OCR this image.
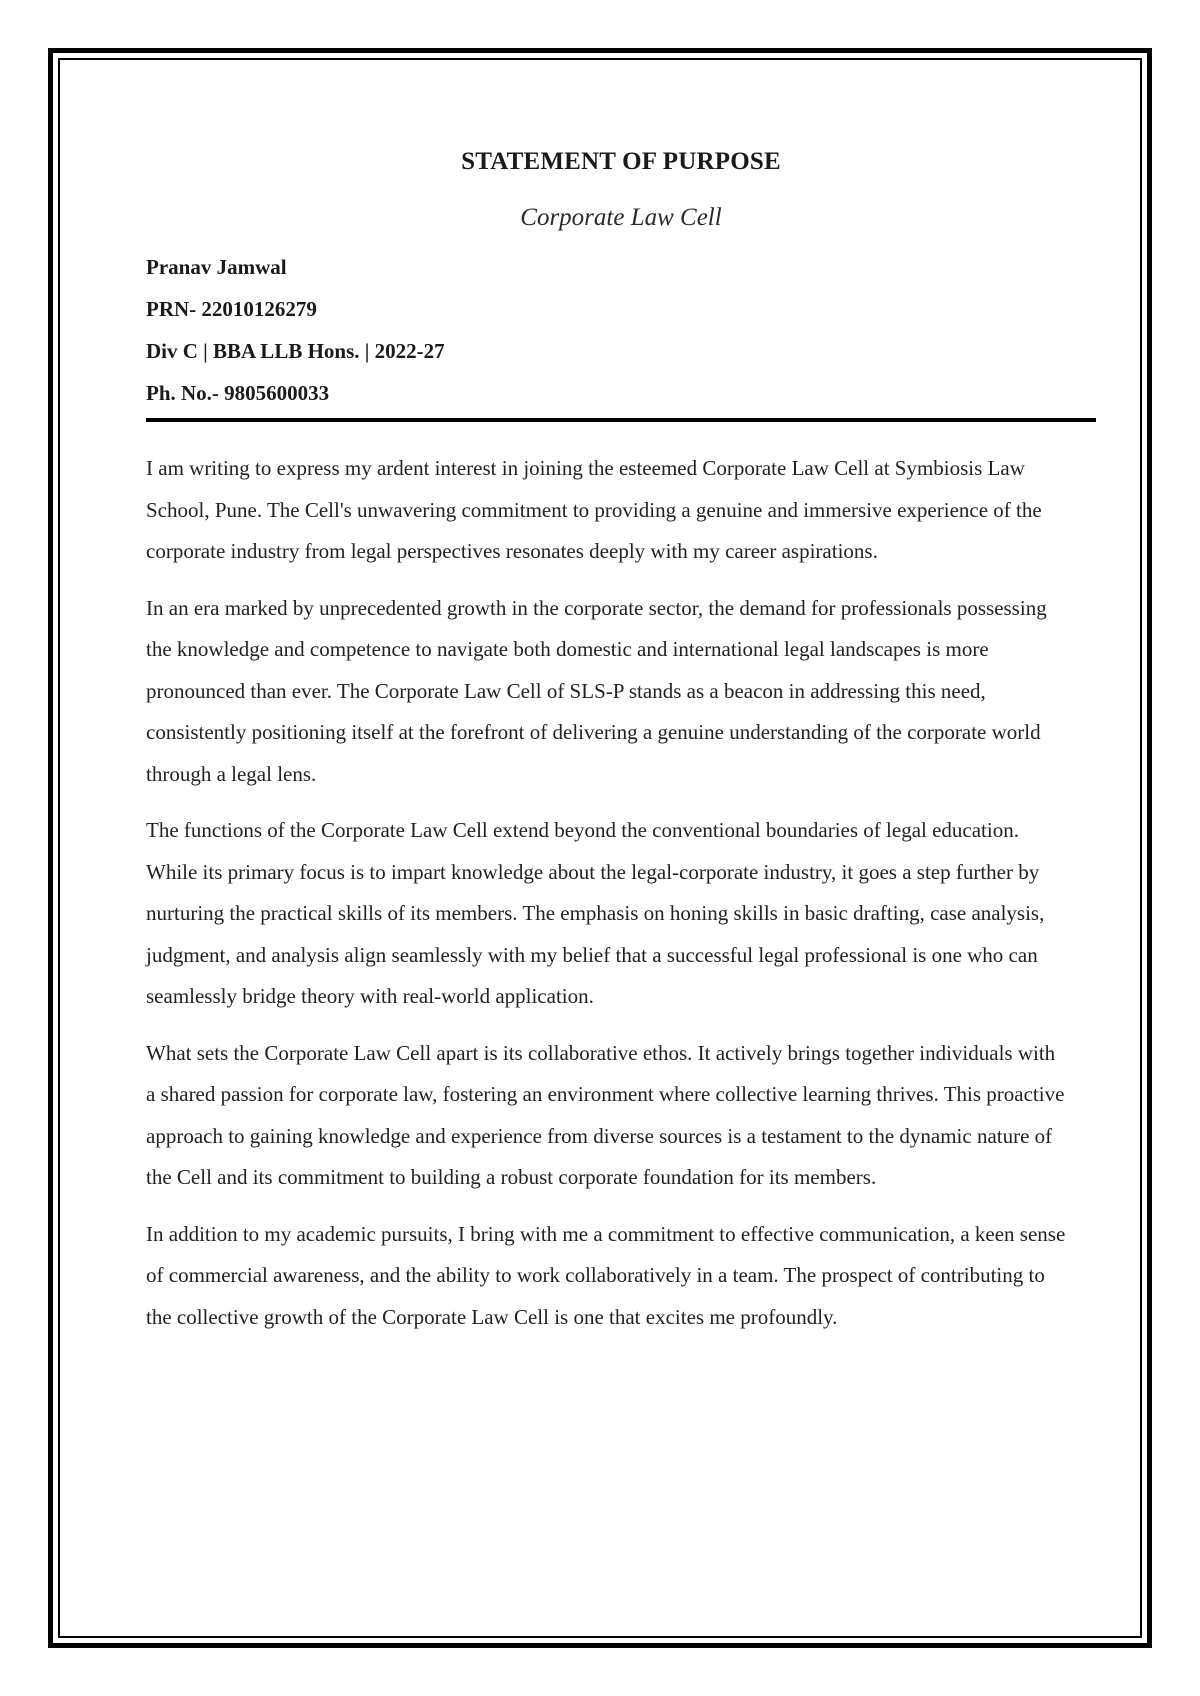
STATEMENT OF PURPOSE
Corporate Law Cell
Pranav Jamwal
PRN- 22010126279
Div C | BBA LLB Hons. | 2022-27
Ph. No.- 9805600033

I am writing to express my ardent interest in joining the esteemed Corporate Law Cell at Symbiosis Law School, Pune. The Cell's unwavering commitment to providing a genuine and immersive experience of the corporate industry from legal perspectives resonates deeply with my career aspirations.

In an era marked by unprecedented growth in the corporate sector, the demand for professionals possessing the knowledge and competence to navigate both domestic and international legal landscapes is more pronounced than ever. The Corporate Law Cell of SLS-P stands as a beacon in addressing this need, consistently positioning itself at the forefront of delivering a genuine understanding of the corporate world through a legal lens.

The functions of the Corporate Law Cell extend beyond the conventional boundaries of legal education. While its primary focus is to impart knowledge about the legal-corporate industry, it goes a step further by nurturing the practical skills of its members. The emphasis on honing skills in basic drafting, case analysis, judgment, and analysis align seamlessly with my belief that a successful legal professional is one who can seamlessly bridge theory with real-world application.

What sets the Corporate Law Cell apart is its collaborative ethos. It actively brings together individuals with a shared passion for corporate law, fostering an environment where collective learning thrives. This proactive approach to gaining knowledge and experience from diverse sources is a testament to the dynamic nature of the Cell and its commitment to building a robust corporate foundation for its members.

In addition to my academic pursuits, I bring with me a commitment to effective communication, a keen sense of commercial awareness, and the ability to work collaboratively in a team. The prospect of contributing to the collective growth of the Corporate Law Cell is one that excites me profoundly.
